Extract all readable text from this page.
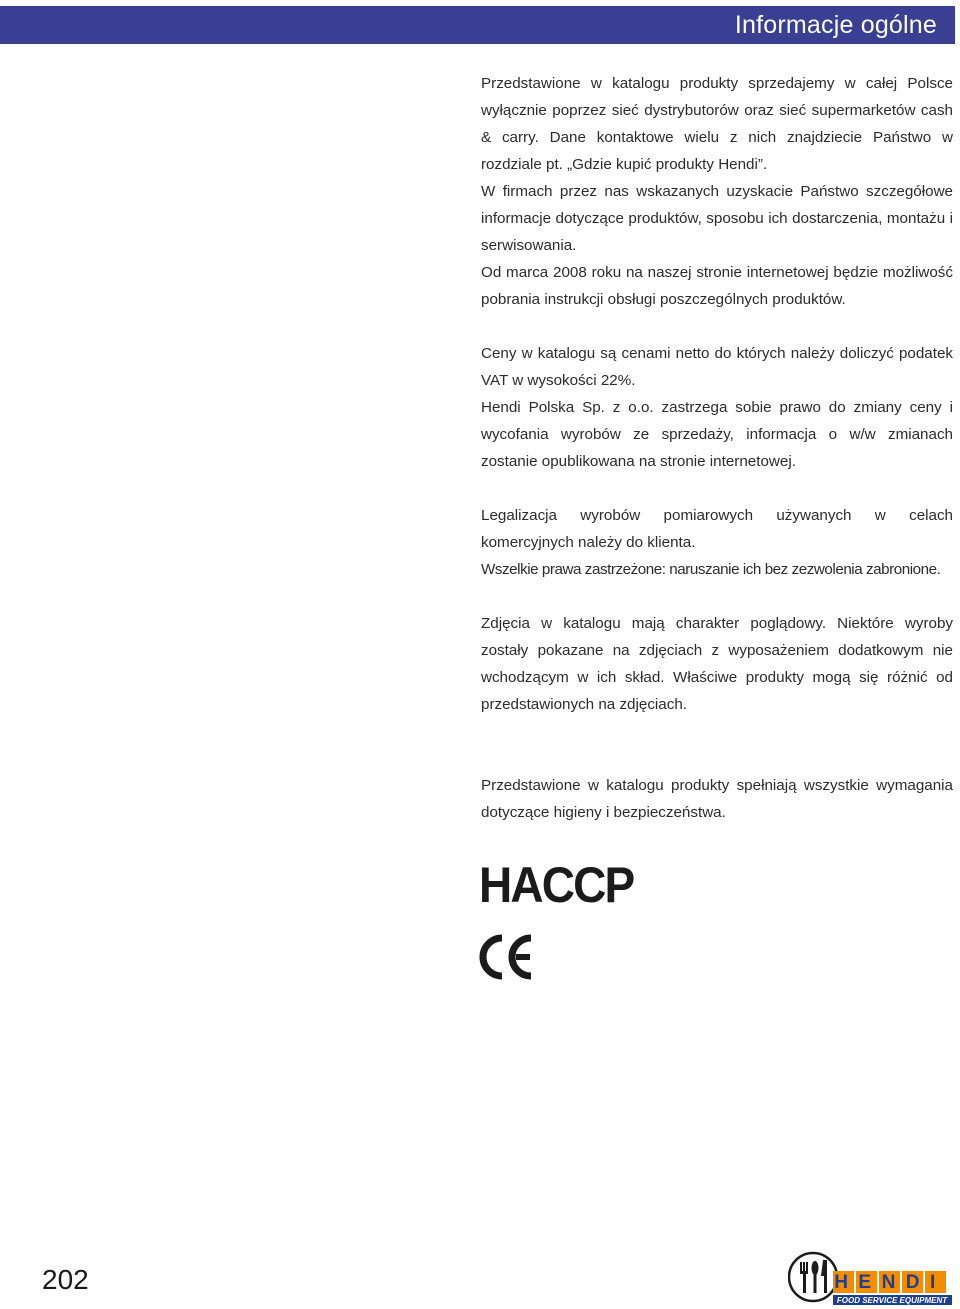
Informacje ogólne

Przedstawione w katalogu produkty sprzedajemy w całej Polsce wyłącznie poprzez sieć dystrybutorów oraz sieć supermarketów cash & carry. Dane kontaktowe wielu z nich znajdziecie Państwo w rozdziale pt. „Gdzie kupić produkty Hendi”.

W firmach przez nas wskazanych uzyskacie Państwo szczegółowe informacje dotyczące produktów, sposobu ich dostarczenia, montażu i serwisowania.

Od marca 2008 roku na naszej stronie internetowej będzie możliwość pobrania instrukcji obsługi poszczególnych produktów.

Ceny w katalogu są cenami netto do których należy doliczyć podatek VAT w wysokości 22%.

Hendi Polska Sp. z o.o. zastrzega sobie prawo do zmiany ceny i wycofania wyrobów ze sprzedaży, informacja o w/w zmianach zostanie opublikowana na stronie internetowej.

Legalizacja wyrobów pomiarowych używanych w celach komercyjnych należy do klienta.

Wszelkie prawa zastrzeżone: naruszanie ich bez zezwolenia zabronione.

Zdjęcia w katalogu mają charakter poglądowy. Niektóre wyroby zostały pokazane na zdjęciach z wyposażeniem dodatkowym nie wchodzącym w ich skład. Właściwe produkty mogą się różnić od przedstawionych na zdjęciach.

Przedstawione w katalogu produkty spełniają wszystkie wymagania dotyczące higieny i bezpieczeństwa.

HACCP
202	HENDI
FOOD SERVICE EQUIPMENT
